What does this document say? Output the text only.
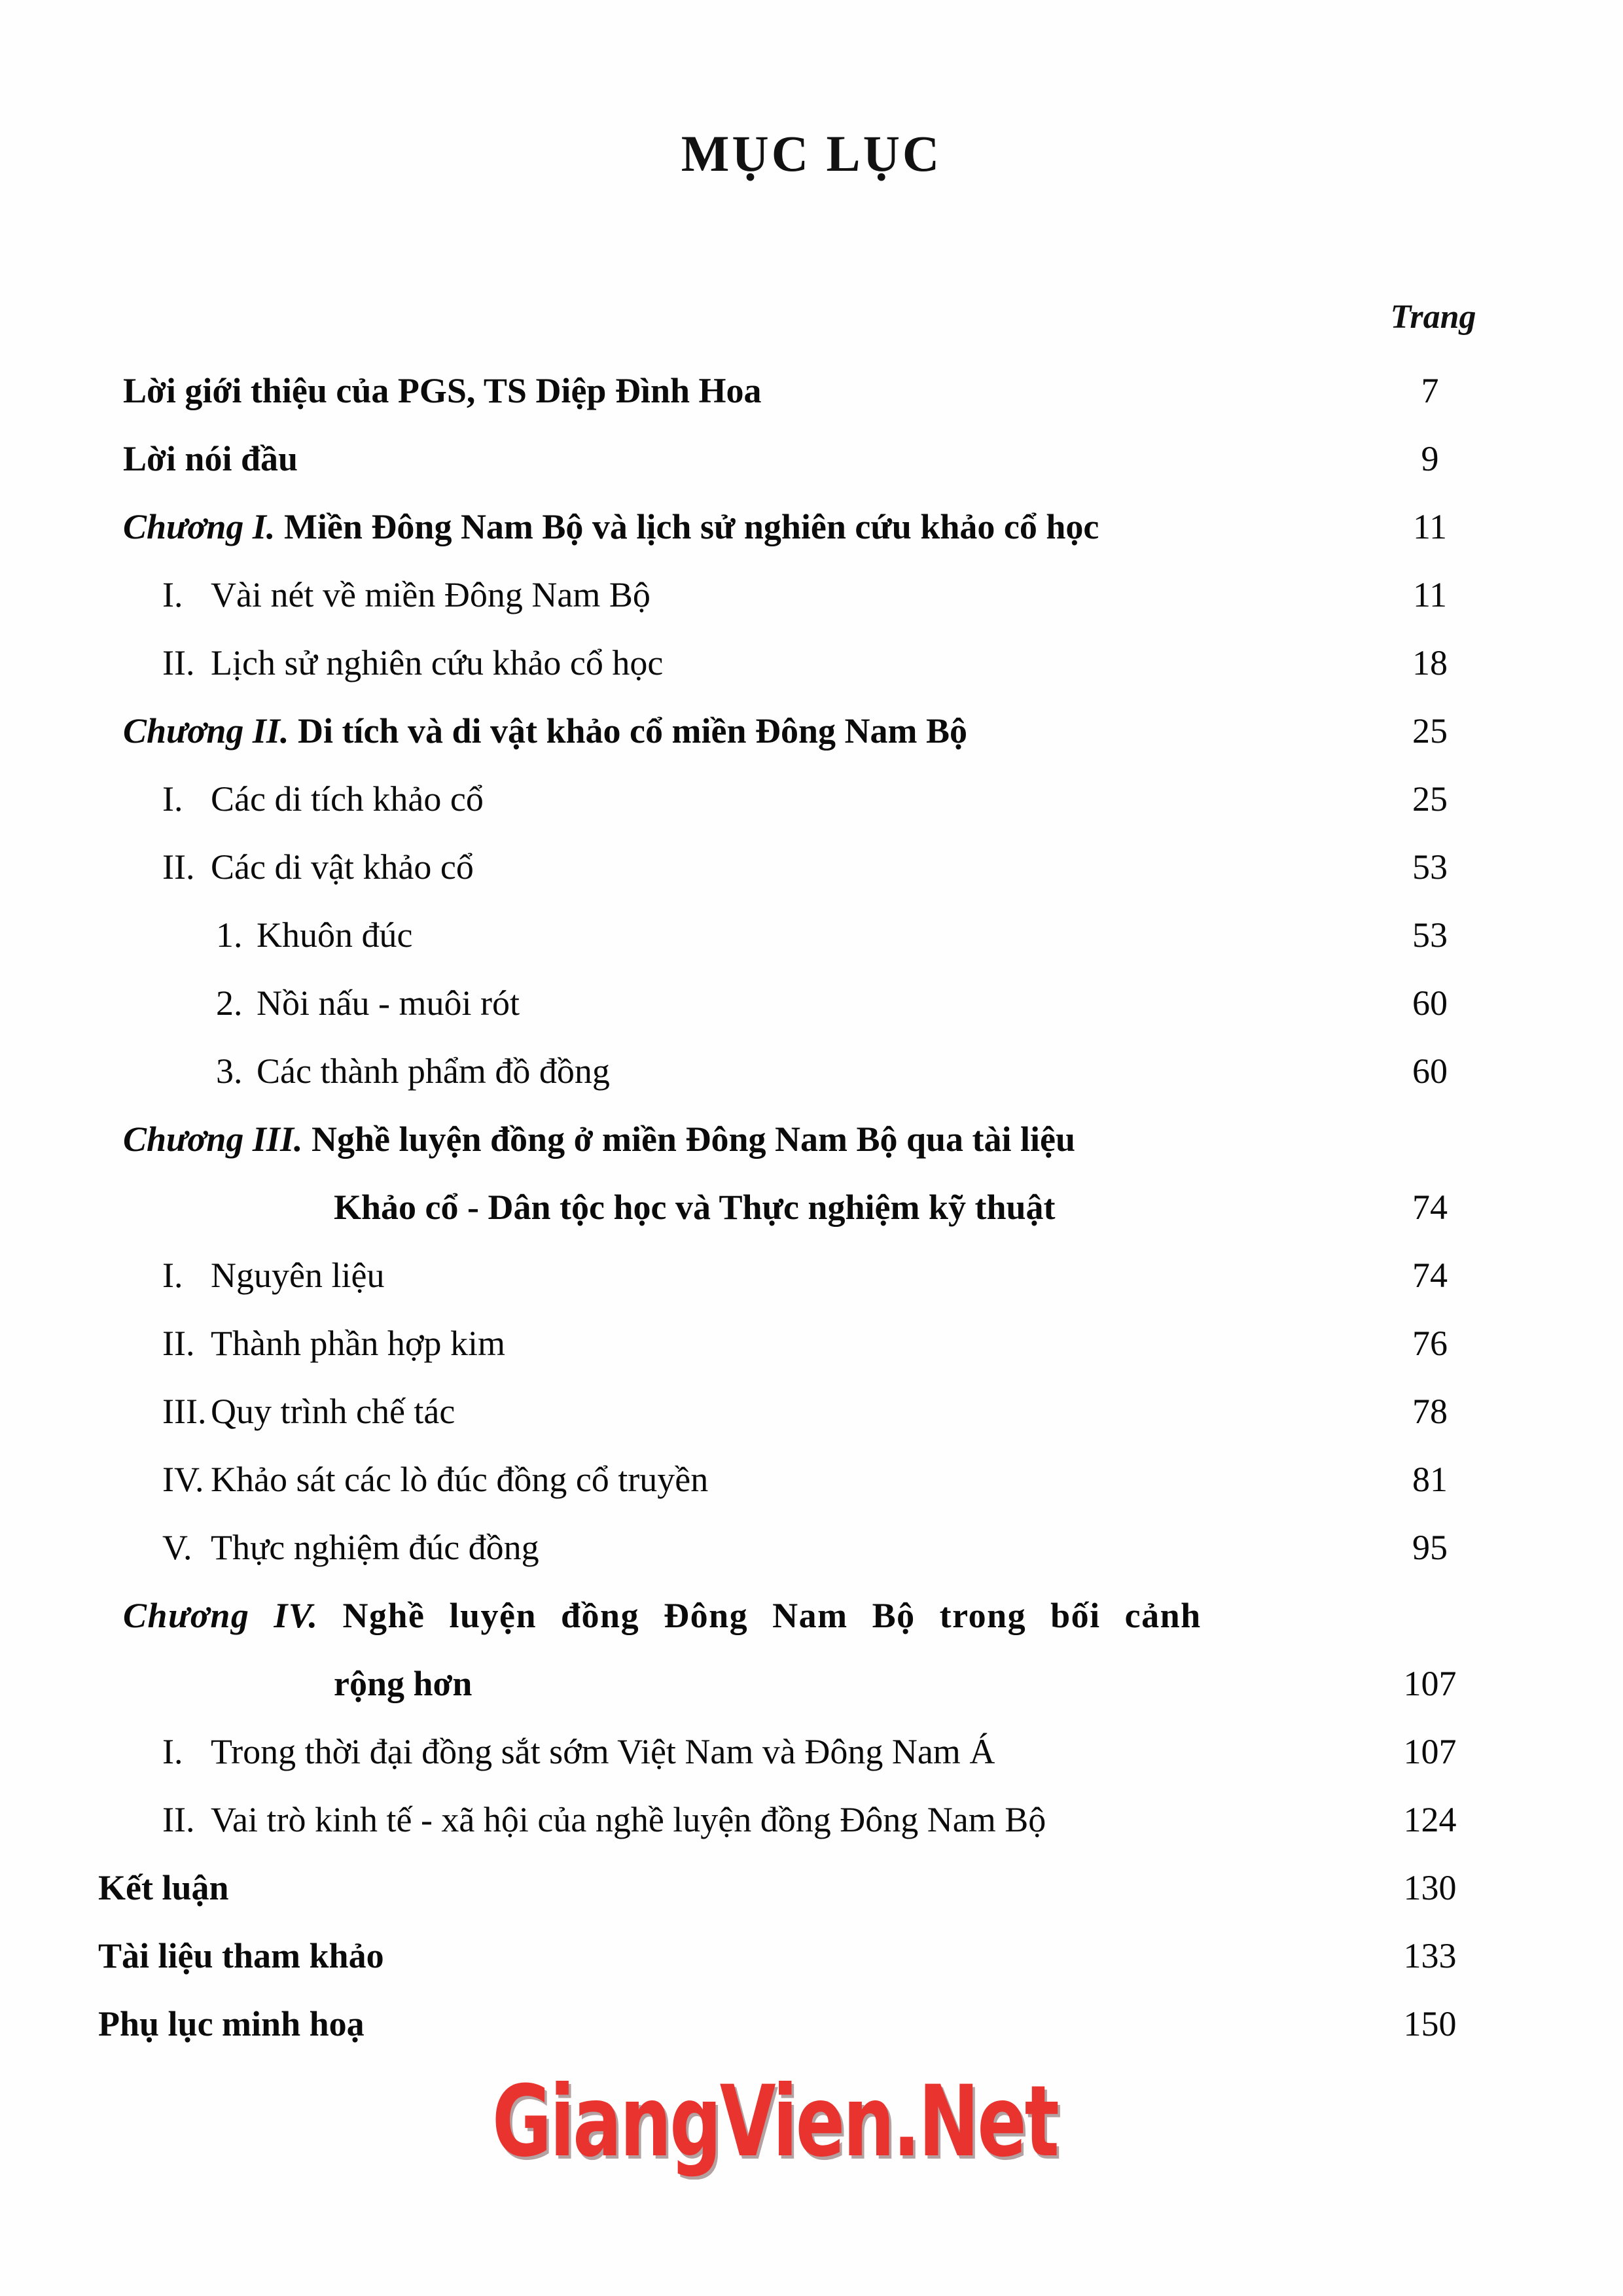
MỤC LỤC
Trang
Lời giới thiệu của PGS, TS Diệp Đình Hoa	7
Lời nói đầu	9
Chương I.
Miền Đông Nam Bộ và lịch sử nghiên cứu khảo cổ học	11
I. Vài nét về miền Đông Nam Bộ	11
II. Lịch sử nghiên cứu khảo cổ học	18
Chương II.
Di tích và di vật khảo cổ miền Đông Nam Bộ	25
I. Các di tích khảo cổ	25
II. Các di vật khảo cổ	53
1. Khuôn đúc	53
2. Nồi nấu - muôi rót	60
3. Các thành phẩm đồ đồng	60
Chương III.
Nghề luyện đồng ở miền Đông Nam Bộ qua tài liệu
Khảo cổ - Dân tộc học và Thực nghiệm kỹ thuật	74
I. Nguyên liệu	74
II. Thành phần hợp kim	76
III. Quy trình chế tác	78
IV. Khảo sát các lò đúc đồng cổ truyền	81
V. Thực nghiệm đúc đồng	95
Chương IV.
Nghề luyện đồng Đông Nam Bộ trong bối cảnh
rộng hơn	107
I. Trong thời đại đồng sắt sớm Việt Nam và Đông Nam Á	107
II. Vai trò kinh tế - xã hội của nghề luyện đồng Đông Nam Bộ	124
Kết luận	130
Tài liệu tham khảo	133
Phụ lục minh hoạ	150
GiangVien.Net
